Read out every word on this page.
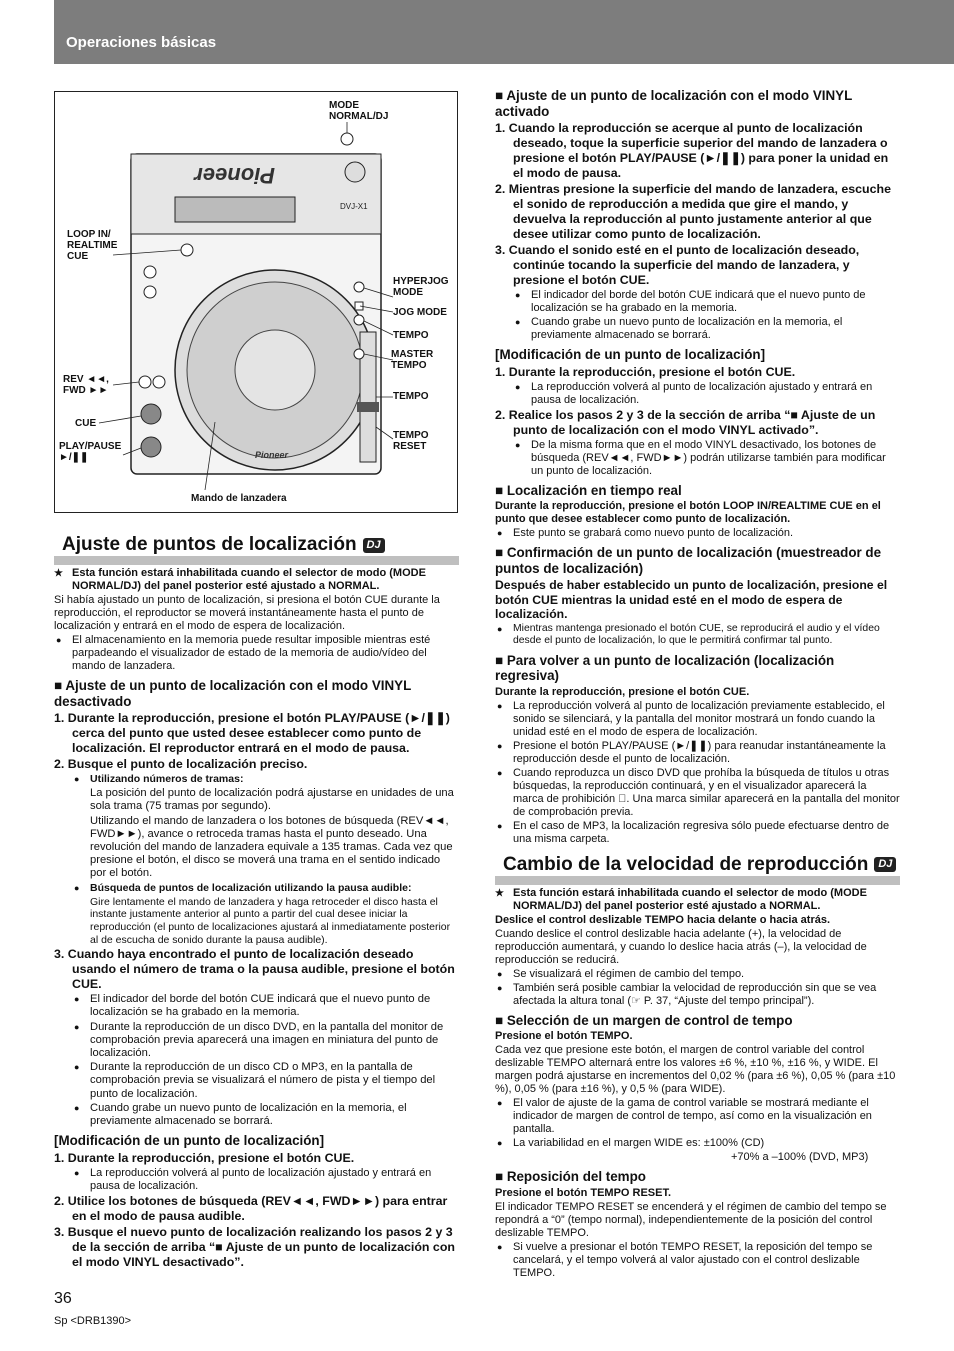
Operaciones básicas
Pioneer
DVJ-X1
Pioneer
MODE
NORMAL/DJ
LOOP IN/
REALTIME
CUE
REV ◄◄,
FWD ►►
CUE
PLAY/PAUSE
►/❚❚
HYPERJOG
MODE
JOG MODE
TEMPO
MASTER
TEMPO
TEMPO
TEMPO
RESET
Mando de lanzadera
Ajuste de puntos de localización DJ

★ Esta función estará inhabilitada cuando el selector de modo (MODE NORMAL/DJ) del panel posterior esté ajustado a NORMAL.

Si había ajustado un punto de localización, si presiona el botón CUE durante la reproducción, el reproductor se moverá instantáneamente hasta el punto de localización y entrará en el modo de espera de localización.

● El almacenamiento en la memoria puede resultar imposible mientras esté parpadeando el visualizador de estado de la memoria de audio/vídeo del mando de lanzadera.

■ Ajuste de un punto de localización con el modo VINYL desactivado

1. Durante la reproducción, presione el botón PLAY/PAUSE (►/❚❚) cerca del punto que usted desee establecer como punto de localización. El reproductor entrará en el modo de pausa.

2. Busque el punto de localización preciso.

● Utilizando números de tramas:

La posición del punto de localización podrá ajustarse en unidades de una sola trama (75 tramas por segundo).

Utilizando el mando de lanzadera o los botones de búsqueda (REV◄◄, FWD►►), avance o retroceda tramas hasta el punto deseado. Una revolución del mando de lanzadera equivale a 135 tramas. Cada vez que presione el botón, el disco se moverá una trama en el sentido indicado por el botón.

● Búsqueda de puntos de localización utilizando la pausa audible:

Gire lentamente el mando de lanzadera y haga retroceder el disco hasta el instante justamente anterior al punto a partir del cual desee iniciar la reproducción (el punto de localizaciones ajustará al inmediatamente posterior al de escucha de sonido durante la pausa audible).

3. Cuando haya encontrado el punto de localización deseado usando el número de trama o la pausa audible, presione el botón CUE.

● El indicador del borde del botón CUE indicará que el nuevo punto de localización se ha grabado en la memoria.

● Durante la reproducción de un disco DVD, en la pantalla del monitor de comprobación previa aparecerá una imagen en miniatura del punto de localización.

● Durante la reproducción de un disco CD o MP3, en la pantalla de comprobación previa se visualizará el número de pista y el tiempo del punto de localización.

● Cuando grabe un nuevo punto de localización en la memoria, el previamente almacenado se borrará.

[Modificación de un punto de localización]

1. Durante la reproducción, presione el botón CUE.

● La reproducción volverá al punto de localización ajustado y entrará en pausa de localización.

2. Utilice los botones de búsqueda (REV◄◄, FWD►►) para entrar en el modo de pausa audible.

3. Busque el nuevo punto de localización realizando los pasos 2 y 3 de la sección de arriba “■ Ajuste de un punto de localización con el modo VINYL desactivado”.

■ Ajuste de un punto de localización con el modo VINYL activado

1. Cuando la reproducción se acerque al punto de localización deseado, toque la superficie superior del mando de lanzadera o presione el botón PLAY/PAUSE (►/❚❚) para poner la unidad en el modo de pausa.

2. Mientras presione la superficie del mando de lanzadera, escuche el sonido de reproducción a medida que gire el mando, y devuelva la reproducción al punto justamente anterior al que desee utilizar como punto de localización.

3. Cuando el sonido esté en el punto de localización deseado, continúe tocando la superficie del mando de lanzadera, y presione el botón CUE.

● El indicador del borde del botón CUE indicará que el nuevo punto de localización se ha grabado en la memoria.

● Cuando grabe un nuevo punto de localización en la memoria, el previamente almacenado se borrará.

[Modificación de un punto de localización]

1. Durante la reproducción, presione el botón CUE.

● La reproducción volverá al punto de localización ajustado y entrará en pausa de localización.

2. Realice los pasos 2 y 3 de la sección de arriba “■ Ajuste de un punto de localización con el modo VINYL activado”.

● De la misma forma que en el modo VINYL desactivado, los botones de búsqueda (REV◄◄, FWD►►) podrán utilizarse también para modificar un punto de localización.

■ Localización en tiempo real

Durante la reproducción, presione el botón LOOP IN/REALTIME CUE en el punto que desee establecer como punto de localización.

● Este punto se grabará como nuevo punto de localización.

■ Confirmación de un punto de localización (muestreador de puntos de localización)

Después de haber establecido un punto de localización, presione el botón CUE mientras la unidad esté en el modo de espera de localización.

● Mientras mantenga presionado el botón CUE, se reproducirá el audio y el vídeo desde el punto de localización, lo que le permitirá confirmar tal punto.

■ Para volver a un punto de localización (localización regresiva)

Durante la reproducción, presione el botón CUE.

● La reproducción volverá al punto de localización previamente establecido, el sonido se silenciará, y la pantalla del monitor mostrará un fondo cuando la unidad esté en el modo de espera de localización.

● Presione el botón PLAY/PAUSE (►/❚❚) para reanudar instantáneamente la reproducción desde el punto de localización.

● Cuando reproduzca un disco DVD que prohíba la búsqueda de títulos u otras búsquedas, la reproducción continuará, y en el visualizador aparecerá la marca de prohibición ⃠. Una marca similar aparecerá en la pantalla del monitor de comprobación previa.

● En el caso de MP3, la localización regresiva sólo puede efectuarse dentro de una misma carpeta.

Cambio de la velocidad de reproducción DJ

★ Esta función estará inhabilitada cuando el selector de modo (MODE NORMAL/DJ) del panel posterior esté ajustado a NORMAL.

Deslice el control deslizable TEMPO hacia delante o hacia atrás.

Cuando deslice el control deslizable hacia adelante (+), la velocidad de reproducción aumentará, y cuando lo deslice hacia atrás (–), la velocidad de reproducción se reducirá.

● Se visualizará el régimen de cambio del tempo.

● También será posible cambiar la velocidad de reproducción sin que se vea afectada la altura tonal (☞ P. 37, “Ajuste del tempo principal”).

■ Selección de un margen de control de tempo

Presione el botón TEMPO.

Cada vez que presione este botón, el margen de control variable del control deslizable TEMPO alternará entre los valores ±6 %, ±10 %, ±16 %, y WIDE. El margen podrá ajustarse en incrementos del 0,02 % (para ±6 %), 0,05 % (para ±10 %), 0,05 % (para ±16 %), y 0,5 % (para WIDE).

● El valor de ajuste de la gama de control variable se mostrará mediante el indicador de margen de control de tempo, así como en la visualización en pantalla.

● La variabilidad en el margen WIDE es: ±100% (CD)

+70% a –100% (DVD, MP3)

■ Reposición del tempo

Presione el botón TEMPO RESET.

El indicador TEMPO RESET se encenderá y el régimen de cambio del tempo se repondrá a “0” (tempo normal), independientemente de la posición del control deslizable TEMPO.

● Si vuelve a presionar el botón TEMPO RESET, la reposición del tempo se cancelará, y el tempo volverá al valor ajustado con el control deslizable TEMPO.

36
Sp <DRB1390>
